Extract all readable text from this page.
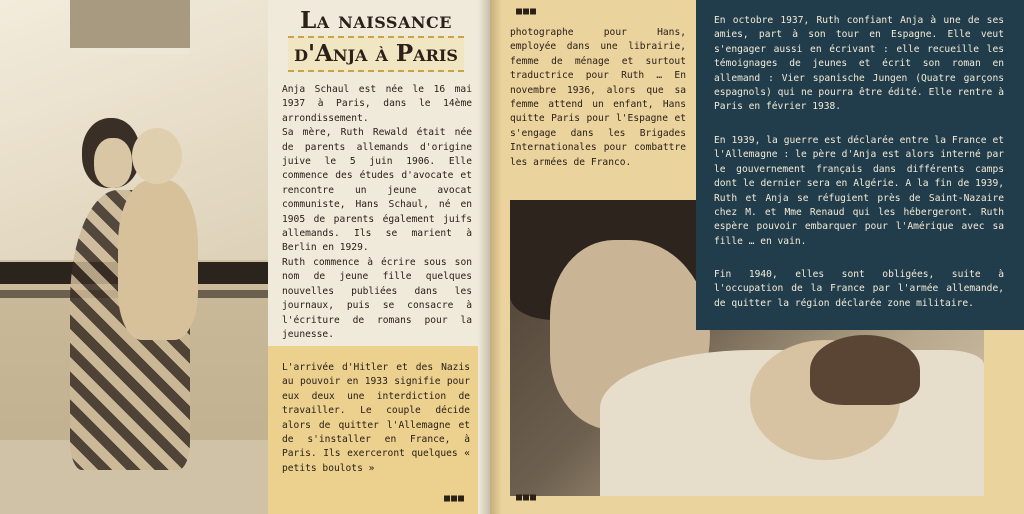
La naissance
d'Anja à Paris

Anja Schaul est née le 16 mai 1937 à Paris, dans le 14ème arrondissement.
Sa mère, Ruth Rewald était née de parents allemands d'origine juive le 5 juin 1906. Elle commence des études d'avocate et rencontre un jeune avocat communiste, Hans Schaul, né en 1905 de parents également juifs allemands. Ils se marient à Berlin en 1929.
Ruth commence à écrire sous son nom de jeune fille quelques nouvelles publiées dans les journaux, puis se consacre à l'écriture de romans pour la jeunesse.

L'arrivée d'Hitler et des Nazis au pouvoir en 1933 signifie pour eux deux une interdiction de travailler. Le couple décide alors de quitter l'Allemagne et de s'installer en France, à Paris. Ils exerceront quelques « petits boulots »

■■■
■■■

photographe pour Hans, employée dans une librairie, femme de ménage et surtout traductrice pour Ruth … En novembre 1936, alors que sa femme attend un enfant, Hans quitte Paris pour l'Espagne et s'engage dans les Brigades Internationales pour combattre les armées de Franco.

■■■

En octobre 1937, Ruth confiant Anja à une de ses amies, part à son tour en Espagne. Elle veut s'engager aussi en écrivant : elle recueille les témoignages de jeunes et écrit son roman en allemand : Vier spanische Jungen (Quatre garçons espagnols) qui ne pourra être édité. Elle rentre à Paris en février 1938.

En 1939, la guerre est déclarée entre la France et l'Allemagne : le père d'Anja est alors interné par le gouvernement français dans différents camps dont le dernier sera en Algérie. A la fin de 1939, Ruth et Anja se réfugient près de Saint-Nazaire chez M. et Mme Renaud qui les hébergeront. Ruth espère pouvoir embarquer pour l'Amérique avec sa fille … en vain.

Fin 1940, elles sont obligées, suite à l'occupation de la France par l'armée allemande, de quitter la région déclarée zone militaire.
